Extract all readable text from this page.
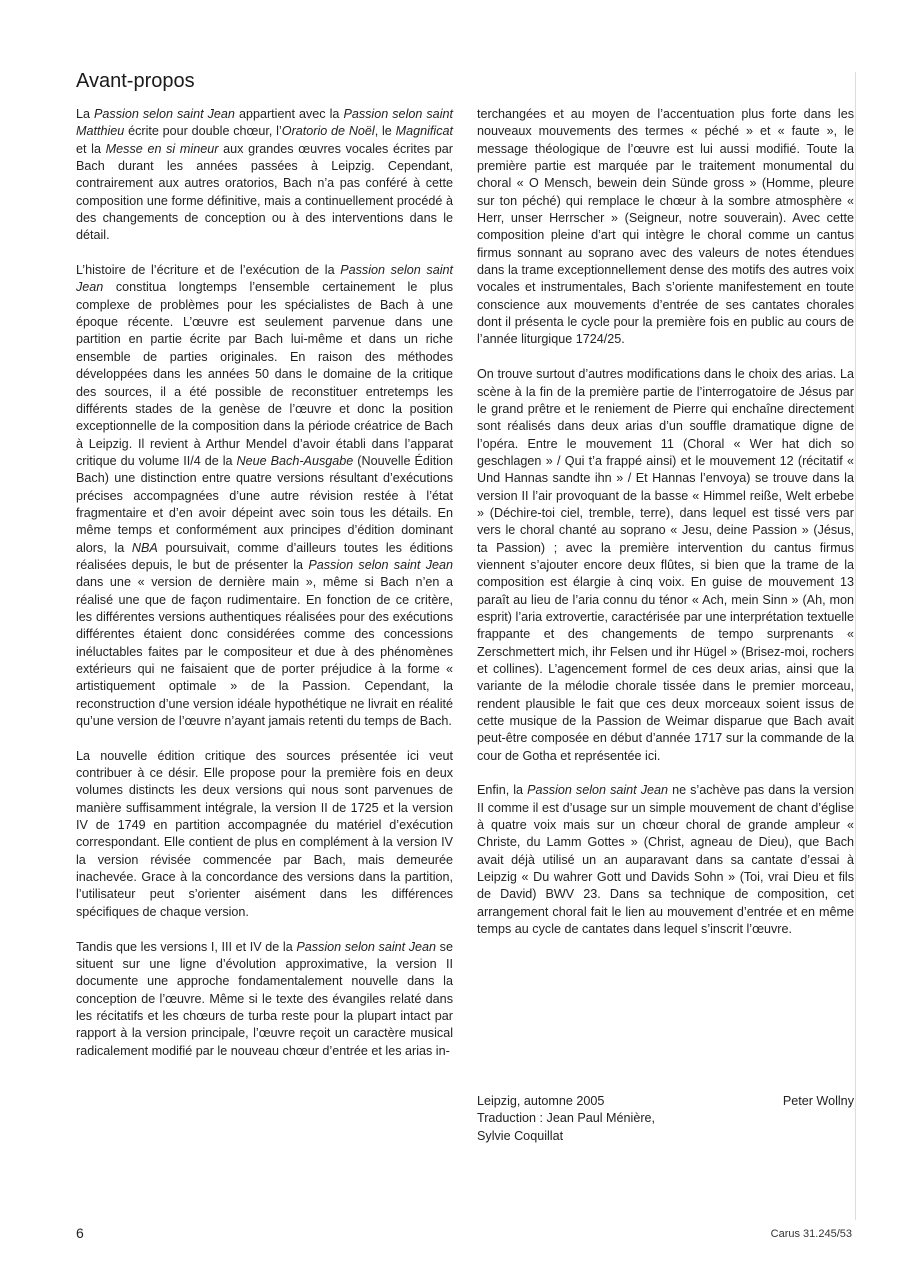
Avant-propos

La Passion selon saint Jean appartient avec la Passion selon saint Matthieu écrite pour double chœur, l’Oratorio de Noël, le Magnificat et la Messe en si mineur aux grandes œuvres vocales écrites par Bach durant les années passées à Leipzig. Cependant, contrairement aux autres oratorios, Bach n’a pas conféré à cette composition une forme définitive, mais a continuellement procédé à des changements de conception ou à des interventions dans le détail.

L’histoire de l’écriture et de l’exécution de la Passion selon saint Jean constitua longtemps l’ensemble certainement le plus complexe de problèmes pour les spécialistes de Bach à une époque récente. L’œuvre est seulement parvenue dans une partition en partie écrite par Bach lui-même et dans un riche ensemble de parties originales. En raison des méthodes développées dans les années 50 dans le domaine de la critique des sources, il a été possible de reconstituer entretemps les différents stades de la genèse de l’œuvre et donc la position exceptionnelle de la composition dans la période créatrice de Bach à Leipzig. Il revient à Arthur Mendel d’avoir établi dans l’apparat critique du volume II/4 de la Neue Bach-Ausgabe (Nouvelle Édition Bach) une distinction entre quatre versions résultant d’exécutions précises accompagnées d’une autre révision restée à l’état fragmentaire et d’en avoir dépeint avec soin tous les détails. En même temps et conformément aux principes d’édition dominant alors, la NBA poursuivait, comme d’ailleurs toutes les éditions réalisées depuis, le but de présenter la Passion selon saint Jean dans une « version de dernière main », même si Bach n’en a réalisé une que de façon rudimentaire. En fonction de ce critère, les différentes versions authentiques réalisées pour des exécutions différentes étaient donc considérées comme des concessions inéluctables faites par le compositeur et due à des phénomènes extérieurs qui ne faisaient que de porter préjudice à la forme « artistiquement optimale » de la Passion. Cependant, la reconstruction d’une version idéale hypothétique ne livrait en réalité qu’une version de l’œuvre n’ayant jamais retenti du temps de Bach.

La nouvelle édition critique des sources présentée ici veut contribuer à ce désir. Elle propose pour la première fois en deux volumes distincts les deux versions qui nous sont parvenues de manière suffisamment intégrale, la version II de 1725 et la version IV de 1749 en partition accompagnée du matériel d’exécution correspondant. Elle contient de plus en complément à la version IV la version révisée commencée par Bach, mais demeurée inachevée. Grace à la concordance des versions dans la partition, l’utilisateur peut s’orienter aisément dans les différences spécifiques de chaque version.

Tandis que les versions I, III et IV de la Passion selon saint Jean se situent sur une ligne d’évolution approximative, la version II documente une approche fondamentalement nouvelle dans la conception de l’œuvre. Même si le texte des évangiles relaté dans les récitatifs et les chœurs de turba reste pour la plupart intact par rapport à la version principale, l’œuvre reçoit un caractère musical radicalement modifié par le nouveau chœur d’entrée et les arias in-

terchangées et au moyen de l’accentuation plus forte dans les nouveaux mouvements des termes « péché » et « faute », le message théologique de l’œuvre est lui aussi modifié. Toute la première partie est marquée par le traitement monumental du choral « O Mensch, bewein dein Sünde gross » (Homme, pleure sur ton péché) qui remplace le chœur à la sombre atmosphère « Herr, unser Herrscher » (Seigneur, notre souverain). Avec cette composition pleine d’art qui intègre le choral comme un cantus firmus sonnant au soprano avec des valeurs de notes étendues dans la trame exceptionnellement dense des motifs des autres voix vocales et instrumentales, Bach s’oriente manifestement en toute conscience aux mouvements d’entrée de ses cantates chorales dont il présenta le cycle pour la première fois en public au cours de l’année liturgique 1724/25.

On trouve surtout d’autres modifications dans le choix des arias. La scène à la fin de la première partie de l’interrogatoire de Jésus par le grand prêtre et le reniement de Pierre qui enchaîne directement sont réalisés dans deux arias d’un souffle dramatique digne de l’opéra. Entre le mouvement 11 (Choral « Wer hat dich so geschlagen » / Qui t’a frappé ainsi) et le mouvement 12 (récitatif « Und Hannas sandte ihn » / Et Hannas l’envoya) se trouve dans la version II l’air provoquant de la basse « Himmel reiße, Welt erbebe » (Déchire-toi ciel, tremble, terre), dans lequel est tissé vers par vers le choral chanté au soprano « Jesu, deine Passion » (Jésus, ta Passion) ; avec la première intervention du cantus firmus viennent s’ajouter encore deux flûtes, si bien que la trame de la composition est élargie à cinq voix. En guise de mouvement 13 paraît au lieu de l’aria connu du ténor « Ach, mein Sinn » (Ah, mon esprit) l’aria extrovertie, caractérisée par une interprétation textuelle frappante et des changements de tempo surprenants « Zerschmettert mich, ihr Felsen und ihr Hügel » (Brisez-moi, rochers et collines). L’agencement formel de ces deux arias, ainsi que la variante de la mélodie chorale tissée dans le premier morceau, rendent plausible le fait que ces deux morceaux soient issus de cette musique de la Passion de Weimar disparue que Bach avait peut-être composée en début d’année 1717 sur la commande de la cour de Gotha et représentée ici.

Enfin, la Passion selon saint Jean ne s’achève pas dans la version II comme il est d’usage sur un simple mouvement de chant d’église à quatre voix mais sur un chœur choral de grande ampleur « Christe, du Lamm Gottes » (Christ, agneau de Dieu), que Bach avait déjà utilisé un an auparavant dans sa cantate d’essai à Leipzig « Du wahrer Gott und Davids Sohn » (Toi, vrai Dieu et fils de David) BWV 23. Dans sa technique de composition, cet arrangement choral fait le lien au mouvement d’entrée et en même temps au cycle de cantates dans lequel s’inscrit l’œuvre.

Leipzig, automne 2005	Peter Wollny
Traduction : Jean Paul Ménière,
Sylvie Coquillat
6	Carus 31.245/53
